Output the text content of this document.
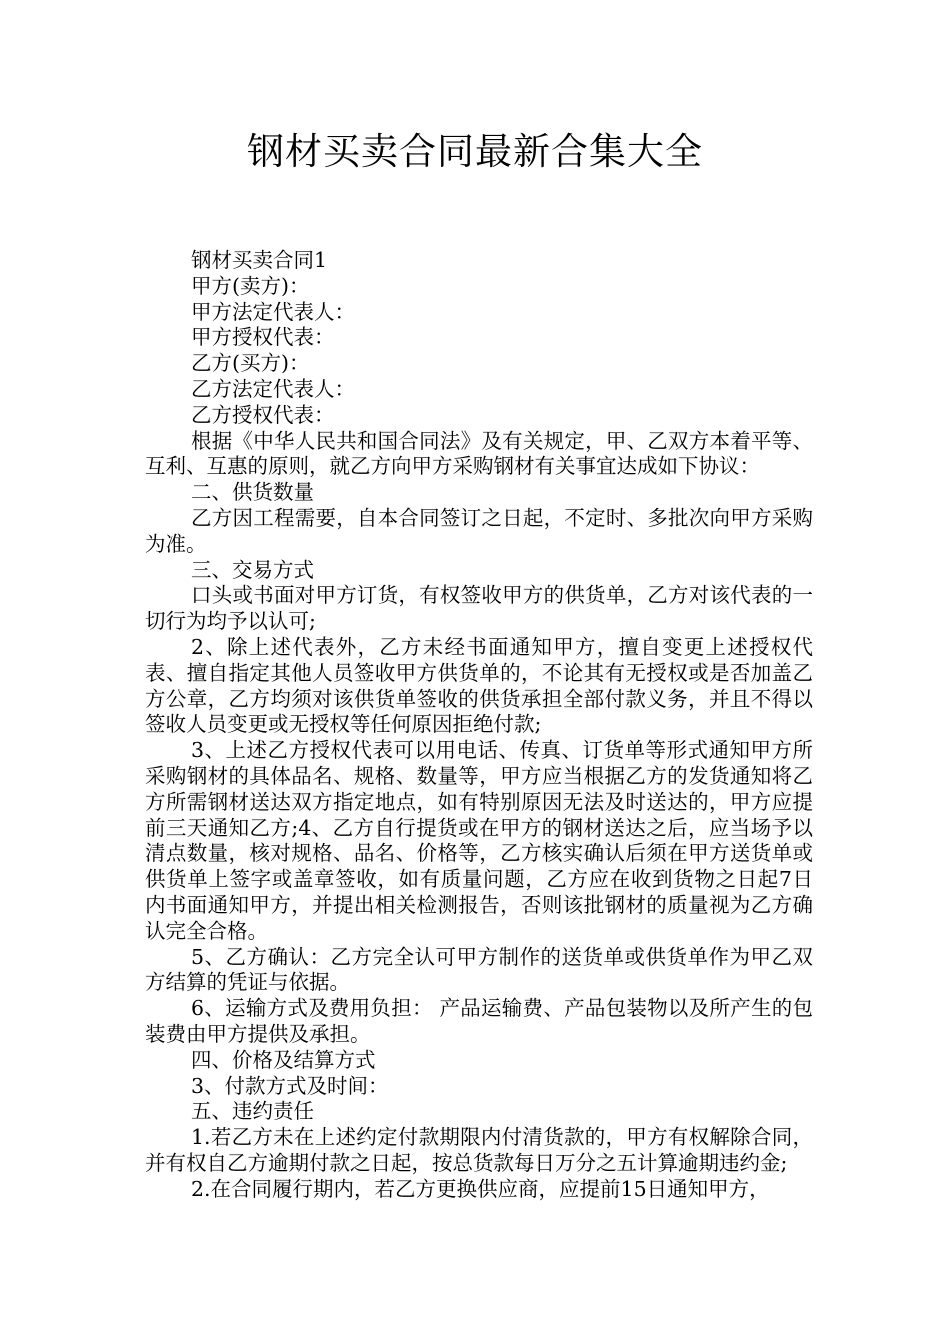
钢材买卖合同最新合集大全

钢材买卖合同1

甲方(卖方)：

甲方法定代表人：

甲方授权代表：

乙方(买方)：

乙方法定代表人：

乙方授权代表：

根据《中华人民共和国合同法》及有关规定，甲、乙双方本着平等、互利、互惠的原则，就乙方向甲方采购钢材有关事宜达成如下协议：

二、供货数量

乙方因工程需要，自本合同签订之日起，不定时、多批次向甲方采购为准。

三、交易方式

口头或书面对甲方订货，有权签收甲方的供货单，乙方对该代表的一切行为均予以认可;

2、除上述代表外，乙方未经书面通知甲方，擅自变更上述授权代表、擅自指定其他人员签收甲方供货单的，不论其有无授权或是否加盖乙方公章，乙方均须对该供货单签收的供货承担全部付款义务，并且不得以签收人员变更或无授权等任何原因拒绝付款;

3、上述乙方授权代表可以用电话、传真、订货单等形式通知甲方所采购钢材的具体品名、规格、数量等，甲方应当根据乙方的发货通知将乙方所需钢材送达双方指定地点，如有特别原因无法及时送达的，甲方应提前三天通知乙方;4、乙方自行提货或在甲方的钢材送达之后，应当场予以清点数量，核对规格、品名、价格等，乙方核实确认后须在甲方送货单或供货单上签字或盖章签收，如有质量问题，乙方应在收到货物之日起7日内书面通知甲方，并提出相关检测报告，否则该批钢材的质量视为乙方确认完全合格。

5、乙方确认：乙方完全认可甲方制作的送货单或供货单作为甲乙双方结算的凭证与依据。

6、运输方式及费用负担： 产品运输费、产品包装物以及所产生的包装费由甲方提供及承担。

四、价格及结算方式

3、付款方式及时间：

五、违约责任

1.若乙方未在上述约定付款期限内付清货款的，甲方有权解除合同，并有权自乙方逾期付款之日起，按总货款每日万分之五计算逾期违约金;

2.在合同履行期内，若乙方更换供应商，应提前15日通知甲方，
